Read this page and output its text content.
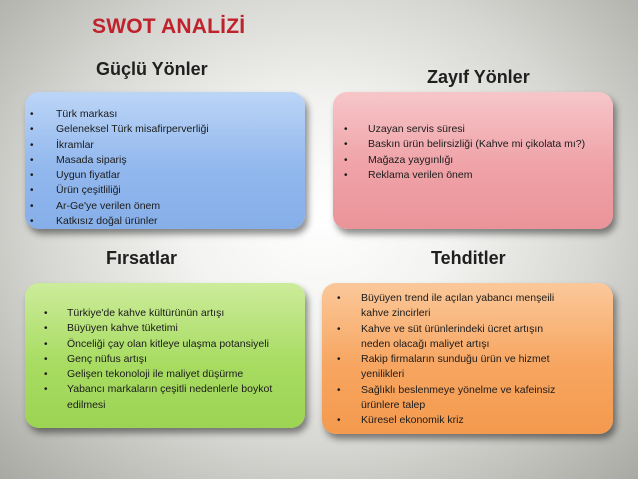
SWOT ANALİZİ
Güçlü Yönler	Zayıf Yönler
Fırsatlar	Tehditler
• Türk markası
• Geleneksel Türk misafirperverliği
• İkramlar
• Masada sipariş
• Uygun fiyatlar
• Ürün çeşitliliği
• Ar-Ge'ye verilen önem
• Katkısız doğal ürünler
• Uzayan servis süresi
• Baskın ürün belirsizliği (Kahve mi çikolata mı?)
• Mağaza yaygınlığı
• Reklama verilen önem
• Türkiye'de kahve kültürünün artışı
• Büyüyen kahve tüketimi
• Önceliği çay olan kitleye ulaşma potansiyeli
• Genç nüfus artışı
• Gelişen tekonoloji ile maliyet düşürme
• Yabancı markaların çeşitli nedenlerle boykot
edilmesi
• Büyüyen trend ile açılan yabancı menşeili
kahve zincirleri
• Kahve ve süt ürünlerindeki ücret artışın
neden olacağı maliyet artışı
• Rakip firmaların sunduğu ürün ve hizmet
yenilikleri
• Sağlıklı beslenmeye yönelme ve kafeinsiz
ürünlere talep
• Küresel ekonomik kriz
